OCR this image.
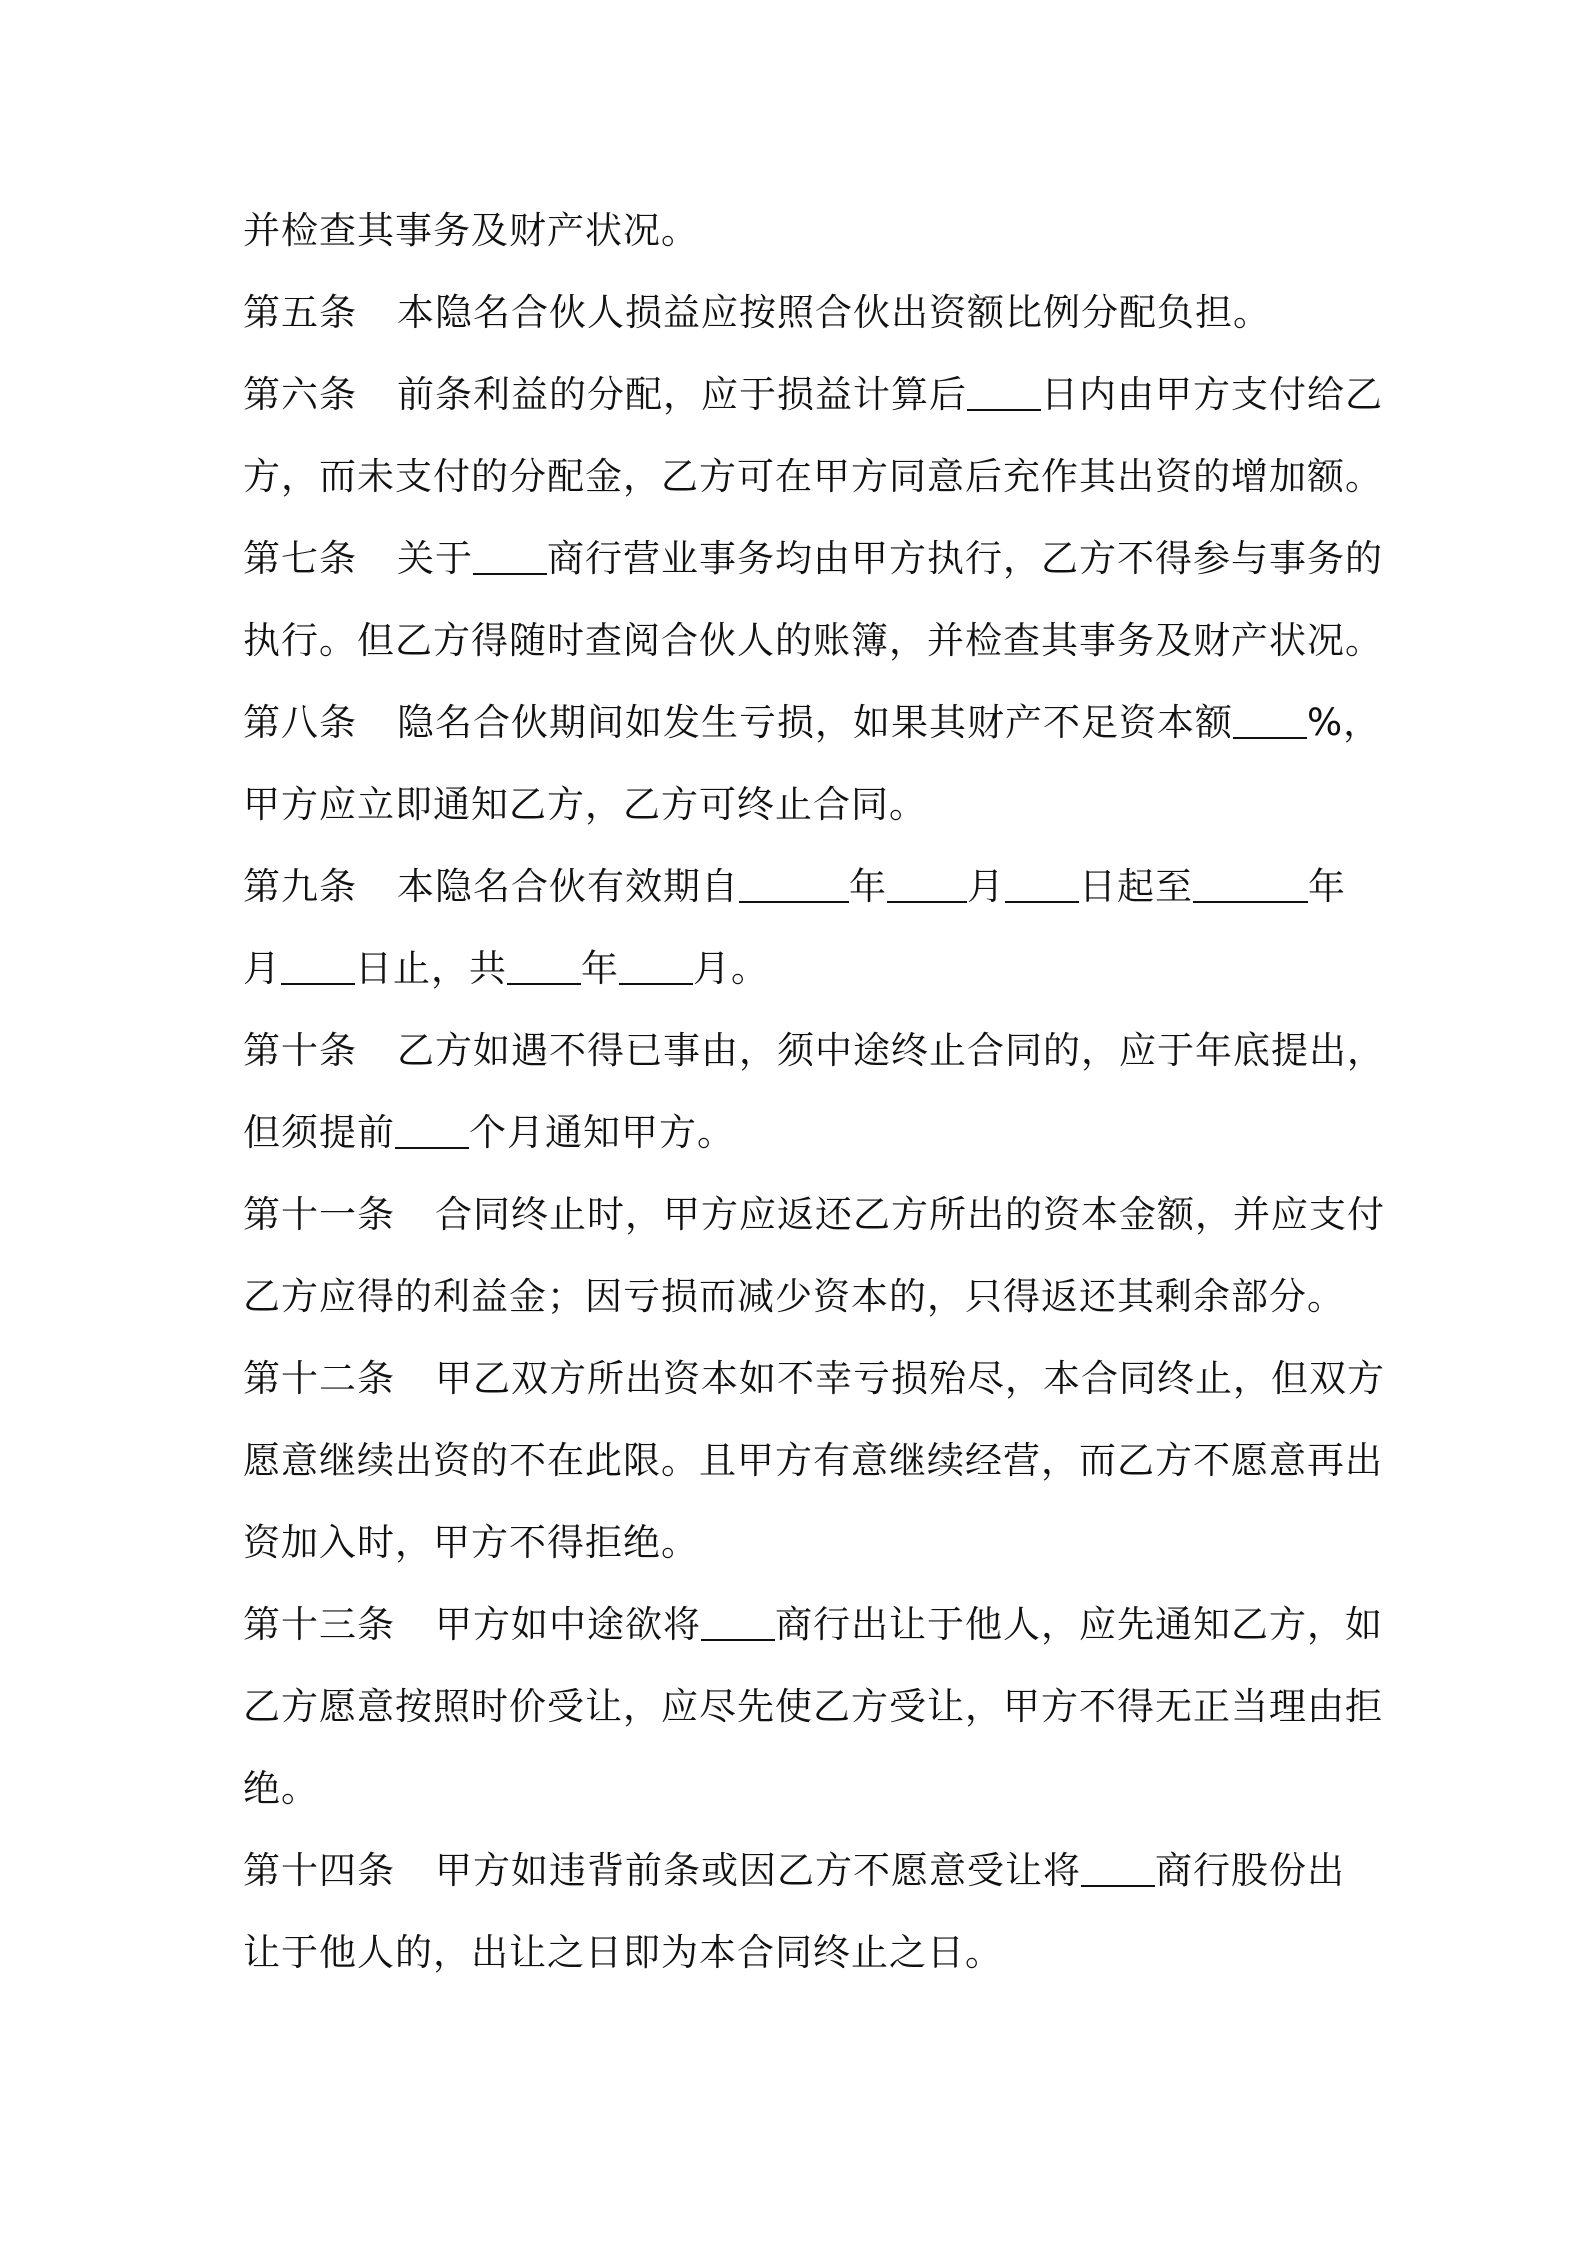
并检查其事务及财产状况。
第五条 本隐名合伙人损益应按照合伙出资额比例分配负担。
第六条 前条利益的分配，应于损益计算后 日内由甲方支付给乙
方，而未支付的分配金，乙方可在甲方同意后充作其出资的增加额。
第七条 关于 商行营业事务均由甲方执行，乙方不得参与事务的
执行。但乙方得随时查阅合伙人的账簿，并检查其事务及财产状况。
第八条 隐名合伙期间如发生亏损，如果其财产不足资本额 %，
甲方应立即通知乙方，乙方可终止合同。
第九条 本隐名合伙有效期自	年 月 日起至	年
月 日止，共 年 月。
第十条 乙方如遇不得已事由，须中途终止合同的，应于年底提出，
但须提前 个月通知甲方。
第十一条 合同终止时，甲方应返还乙方所出的资本金额，并应支付
乙方应得的利益金；因亏损而减少资本的，只得返还其剩余部分。
第十二条 甲乙双方所出资本如不幸亏损殆尽，本合同终止，但双方
愿意继续出资的不在此限。且甲方有意继续经营，而乙方不愿意再出
资加入时，甲方不得拒绝。
第十三条 甲方如中途欲将 商行出让于他人，应先通知乙方，如
乙方愿意按照时价受让，应尽先使乙方受让，甲方不得无正当理由拒
绝。
第十四条 甲方如违背前条或因乙方不愿意受让将 商行股份出
让于他人的，出让之日即为本合同终止之日。
